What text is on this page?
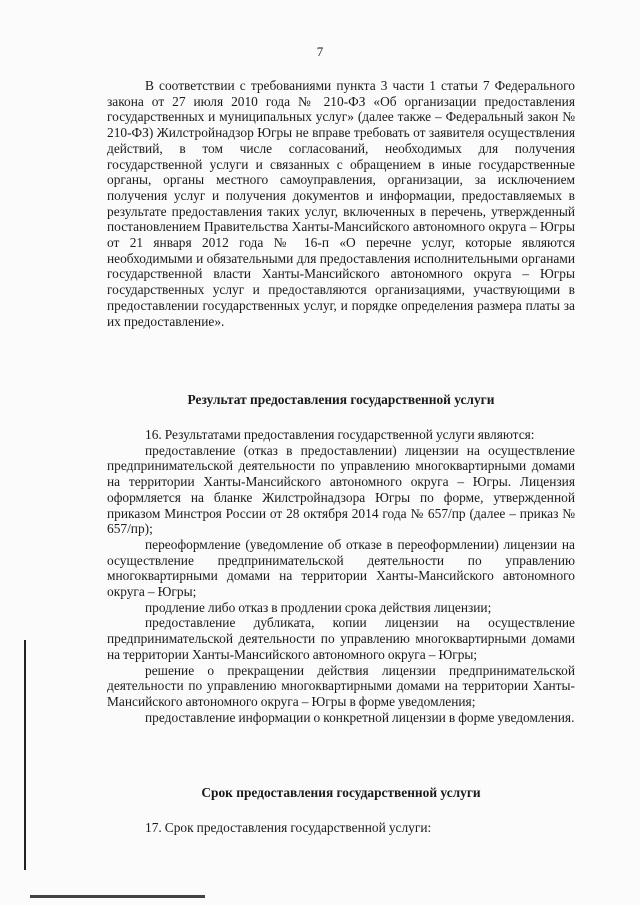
7

В соответствии с требованиями пункта 3 части 1 статьи 7 Федерального закона от 27 июля 2010 года № 210-ФЗ «Об организации предоставления государственных и муниципальных услуг» (далее также – Федеральный закон № 210-ФЗ) Жилстройнадзор Югры не вправе требовать от заявителя осуществления действий, в том числе согласований, необходимых для получения государственной услуги и связанных с обращением в иные государственные органы, органы местного самоуправления, организации, за исключением получения услуг и получения документов и информации, предоставляемых в результате предоставления таких услуг, включенных в перечень, утвержденный постановлением Правительства Ханты-Мансийского автономного округа – Югры от 21 января 2012 года № 16-п «О перечне услуг, которые являются необходимыми и обязательными для предоставления исполнительными органами государственной власти Ханты-Мансийского автономного округа – Югры государственных услуг и предоставляются организациями, участвующими в предоставлении государственных услуг, и порядке определения размера платы за их предоставление».

Результат предоставления государственной услуги

16. Результатами предоставления государственной услуги являются:

предоставление (отказ в предоставлении) лицензии на осуществление предпринимательской деятельности по управлению многоквартирными домами на территории Ханты-Мансийского автономного округа – Югры. Лицензия оформляется на бланке Жилстройнадзора Югры по форме, утвержденной приказом Минстроя России от 28 октября 2014 года № 657/пр (далее – приказ № 657/пр);

переоформление (уведомление об отказе в переоформлении) лицензии на осуществление предпринимательской деятельности по управлению многоквартирными домами на территории Ханты-Мансийского автономного округа – Югры;

продление либо отказ в продлении срока действия лицензии;

предоставление дубликата, копии лицензии на осуществление предпринимательской деятельности по управлению многоквартирными домами на территории Ханты-Мансийского автономного округа – Югры;

решение о прекращении действия лицензии предпринимательской деятельности по управлению многоквартирными домами на территории Ханты-Мансийского автономного округа – Югры в форме уведомления;

предоставление информации о конкретной лицензии в форме уведомления.

Срок предоставления государственной услуги

17. Срок предоставления государственной услуги:
